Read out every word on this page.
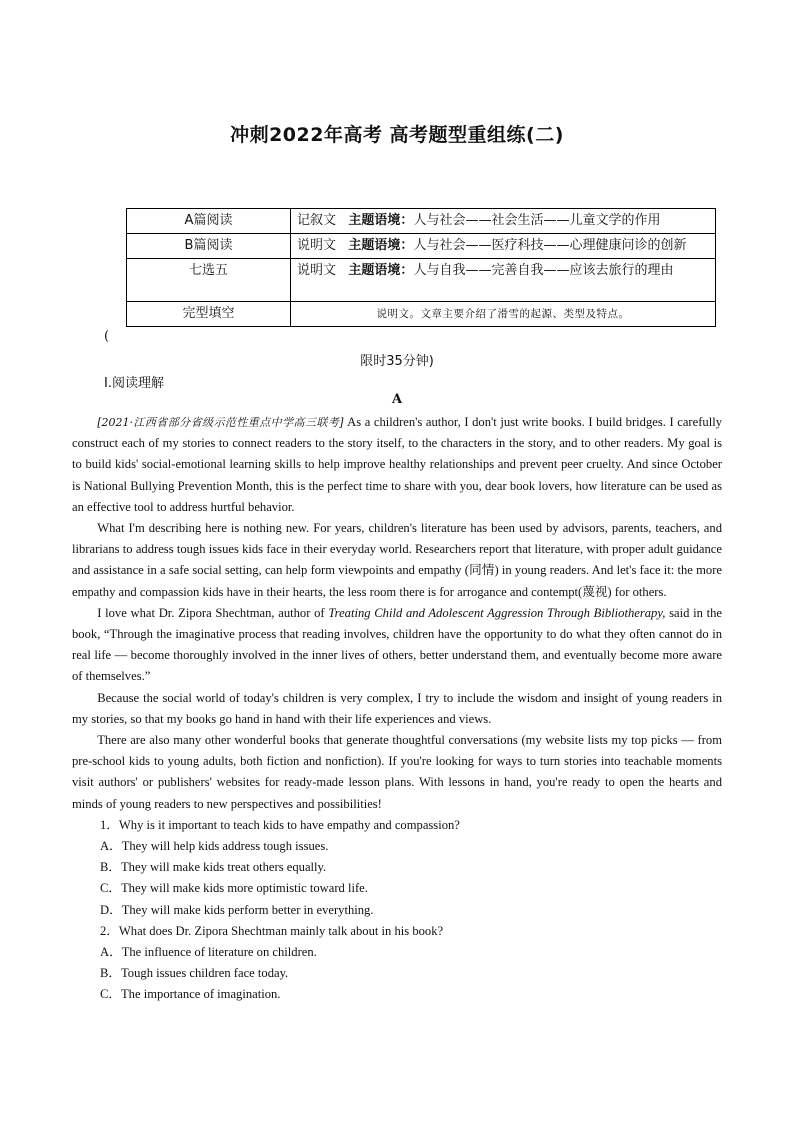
冲刺2022年高考 高考题型重组练(二)
A篇阅读	记叙文 主题语境：人与社会——社会生活——儿童文学的作用
B篇阅读	说明文 主题语境：人与社会——医疗科技——心理健康问诊的创新
七选五	说明文 主题语境：人与自我——完善自我——应该去旅行的理由
完型填空	说明文。文章主要介绍了滑雪的起源、类型及特点。
(
限时35分钟)
Ⅰ.阅读理解
A

[2021·江西省部分省级示范性重点中学高三联考] As a children's author, I don't just write books. I build bridges. I carefully construct each of my stories to connect readers to the story itself, to the characters in the story, and to other readers. My goal is to build kids' social-emotional learning skills to help improve healthy relationships and prevent peer cruelty. And since October is National Bullying Prevention Month, this is the perfect time to share with you, dear book lovers, how literature can be used as an effective tool to address hurtful behavior.

What I'm describing here is nothing new. For years, children's literature has been used by advisors, parents, teachers, and librarians to address tough issues kids face in their everyday world. Researchers report that literature, with proper adult guidance and assistance in a safe social setting, can help form viewpoints and empathy (同情) in young readers. And let's face it: the more empathy and compassion kids have in their hearts, the less room there is for arrogance and contempt(蔑视) for others.

I love what Dr. Zipora Shechtman, author of Treating Child and Adolescent Aggression Through Bibliotherapy, said in the book, “Through the imaginative process that reading involves, children have the opportunity to do what they often cannot do in real life — become thoroughly involved in the inner lives of others, better understand them, and eventually become more aware of themselves.”

Because the social world of today's children is very complex, I try to include the wisdom and insight of young readers in my stories, so that my books go hand in hand with their life experiences and views.

There are also many other wonderful books that generate thoughtful conversations (my website lists my top picks — from pre-school kids to young adults, both fiction and nonfiction). If you're looking for ways to turn stories into teachable moments visit authors' or publishers' websites for ready-made lesson plans. With lessons in hand, you're ready to open the hearts and minds of young readers to new perspectives and possibilities!

1．Why is it important to teach kids to have empathy and compassion?

A．They will help kids address tough issues.

B．They will make kids treat others equally.

C．They will make kids more optimistic toward life.

D．They will make kids perform better in everything.

2．What does Dr. Zipora Shechtman mainly talk about in his book?

A．The influence of literature on children.

B．Tough issues children face today.

C．The importance of imagination.
